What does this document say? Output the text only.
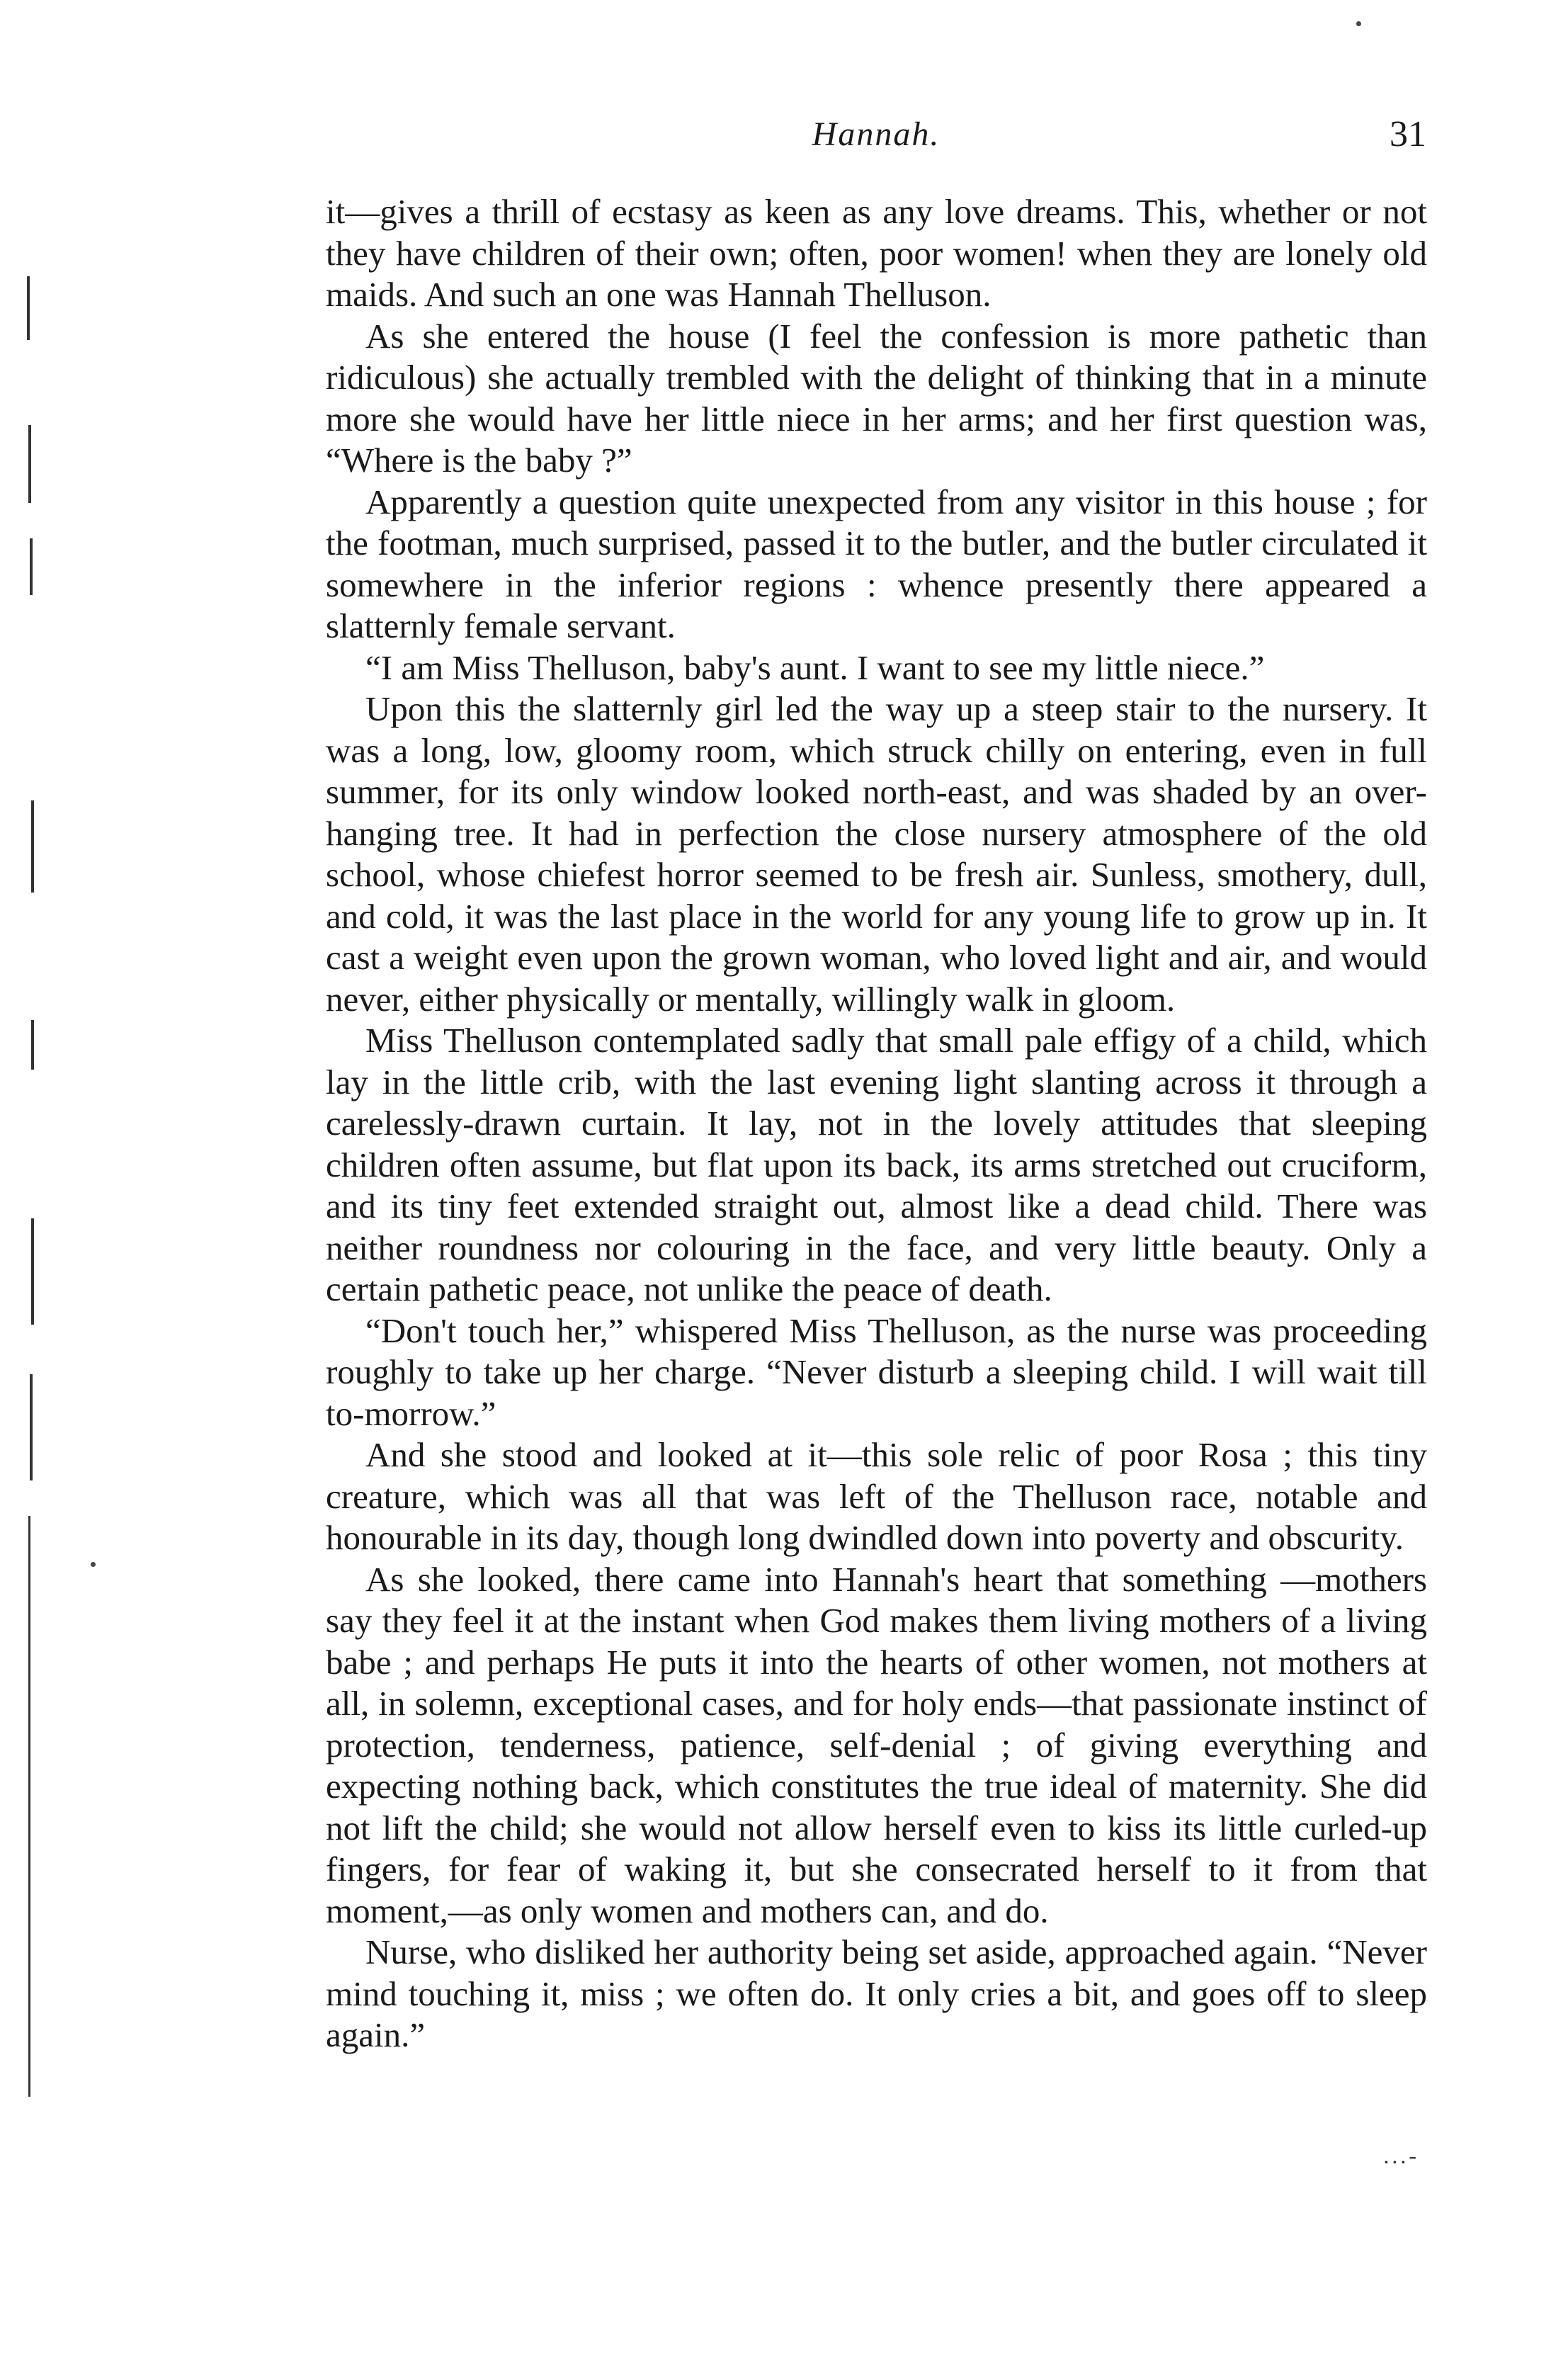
Hannah.	31

it—gives a thrill of ecstasy as keen as any love dreams. This, whether or not they have children of their own; often, poor women! when they are lonely old maids. And such an one was Hannah Thelluson.

As she entered the house (I feel the confession is more pathetic than ridiculous) she actually trembled with the delight of thinking that in a minute more she would have her little niece in her arms; and her first question was, “Where is the baby ?”

Apparently a question quite unexpected from any visitor in this house ; for the footman, much surprised, passed it to the butler, and the butler circulated it somewhere in the inferior regions : whence presently there appeared a slatternly female servant.

“I am Miss Thelluson, baby's aunt. I want to see my little niece.”

Upon this the slatternly girl led the way up a steep stair to the nursery. It was a long, low, gloomy room, which struck chilly on entering, even in full summer, for its only window looked north-east, and was shaded by an over-hanging tree. It had in perfection the close nursery atmosphere of the old school, whose chiefest horror seemed to be fresh air. Sunless, smothery, dull, and cold, it was the last place in the world for any young life to grow up in. It cast a weight even upon the grown woman, who loved light and air, and would never, either physically or mentally, willingly walk in gloom.

Miss Thelluson contemplated sadly that small pale effigy of a child, which lay in the little crib, with the last evening light slanting across it through a carelessly-drawn curtain. It lay, not in the lovely attitudes that sleeping children often assume, but flat upon its back, its arms stretched out cruciform, and its tiny feet extended straight out, almost like a dead child. There was neither roundness nor colouring in the face, and very little beauty. Only a certain pathetic peace, not unlike the peace of death.

“Don't touch her,” whispered Miss Thelluson, as the nurse was proceeding roughly to take up her charge. “Never disturb a sleeping child. I will wait till to-morrow.”

And she stood and looked at it—this sole relic of poor Rosa ; this tiny creature, which was all that was left of the Thelluson race, notable and honourable in its day, though long dwindled down into poverty and obscurity.

As she looked, there came into Hannah's heart that something —mothers say they feel it at the instant when God makes them living mothers of a living babe ; and perhaps He puts it into the hearts of other women, not mothers at all, in solemn, exceptional cases, and for holy ends—that passionate instinct of protection, tenderness, patience, self-denial ; of giving everything and expecting nothing back, which constitutes the true ideal of maternity. She did not lift the child; she would not allow herself even to kiss its little curled-up fingers, for fear of waking it, but she consecrated herself to it from that moment,—as only women and mothers can, and do.

Nurse, who disliked her authority being set aside, approached again. “Never mind touching it, miss ; we often do. It only cries a bit, and goes off to sleep again.”

...-
